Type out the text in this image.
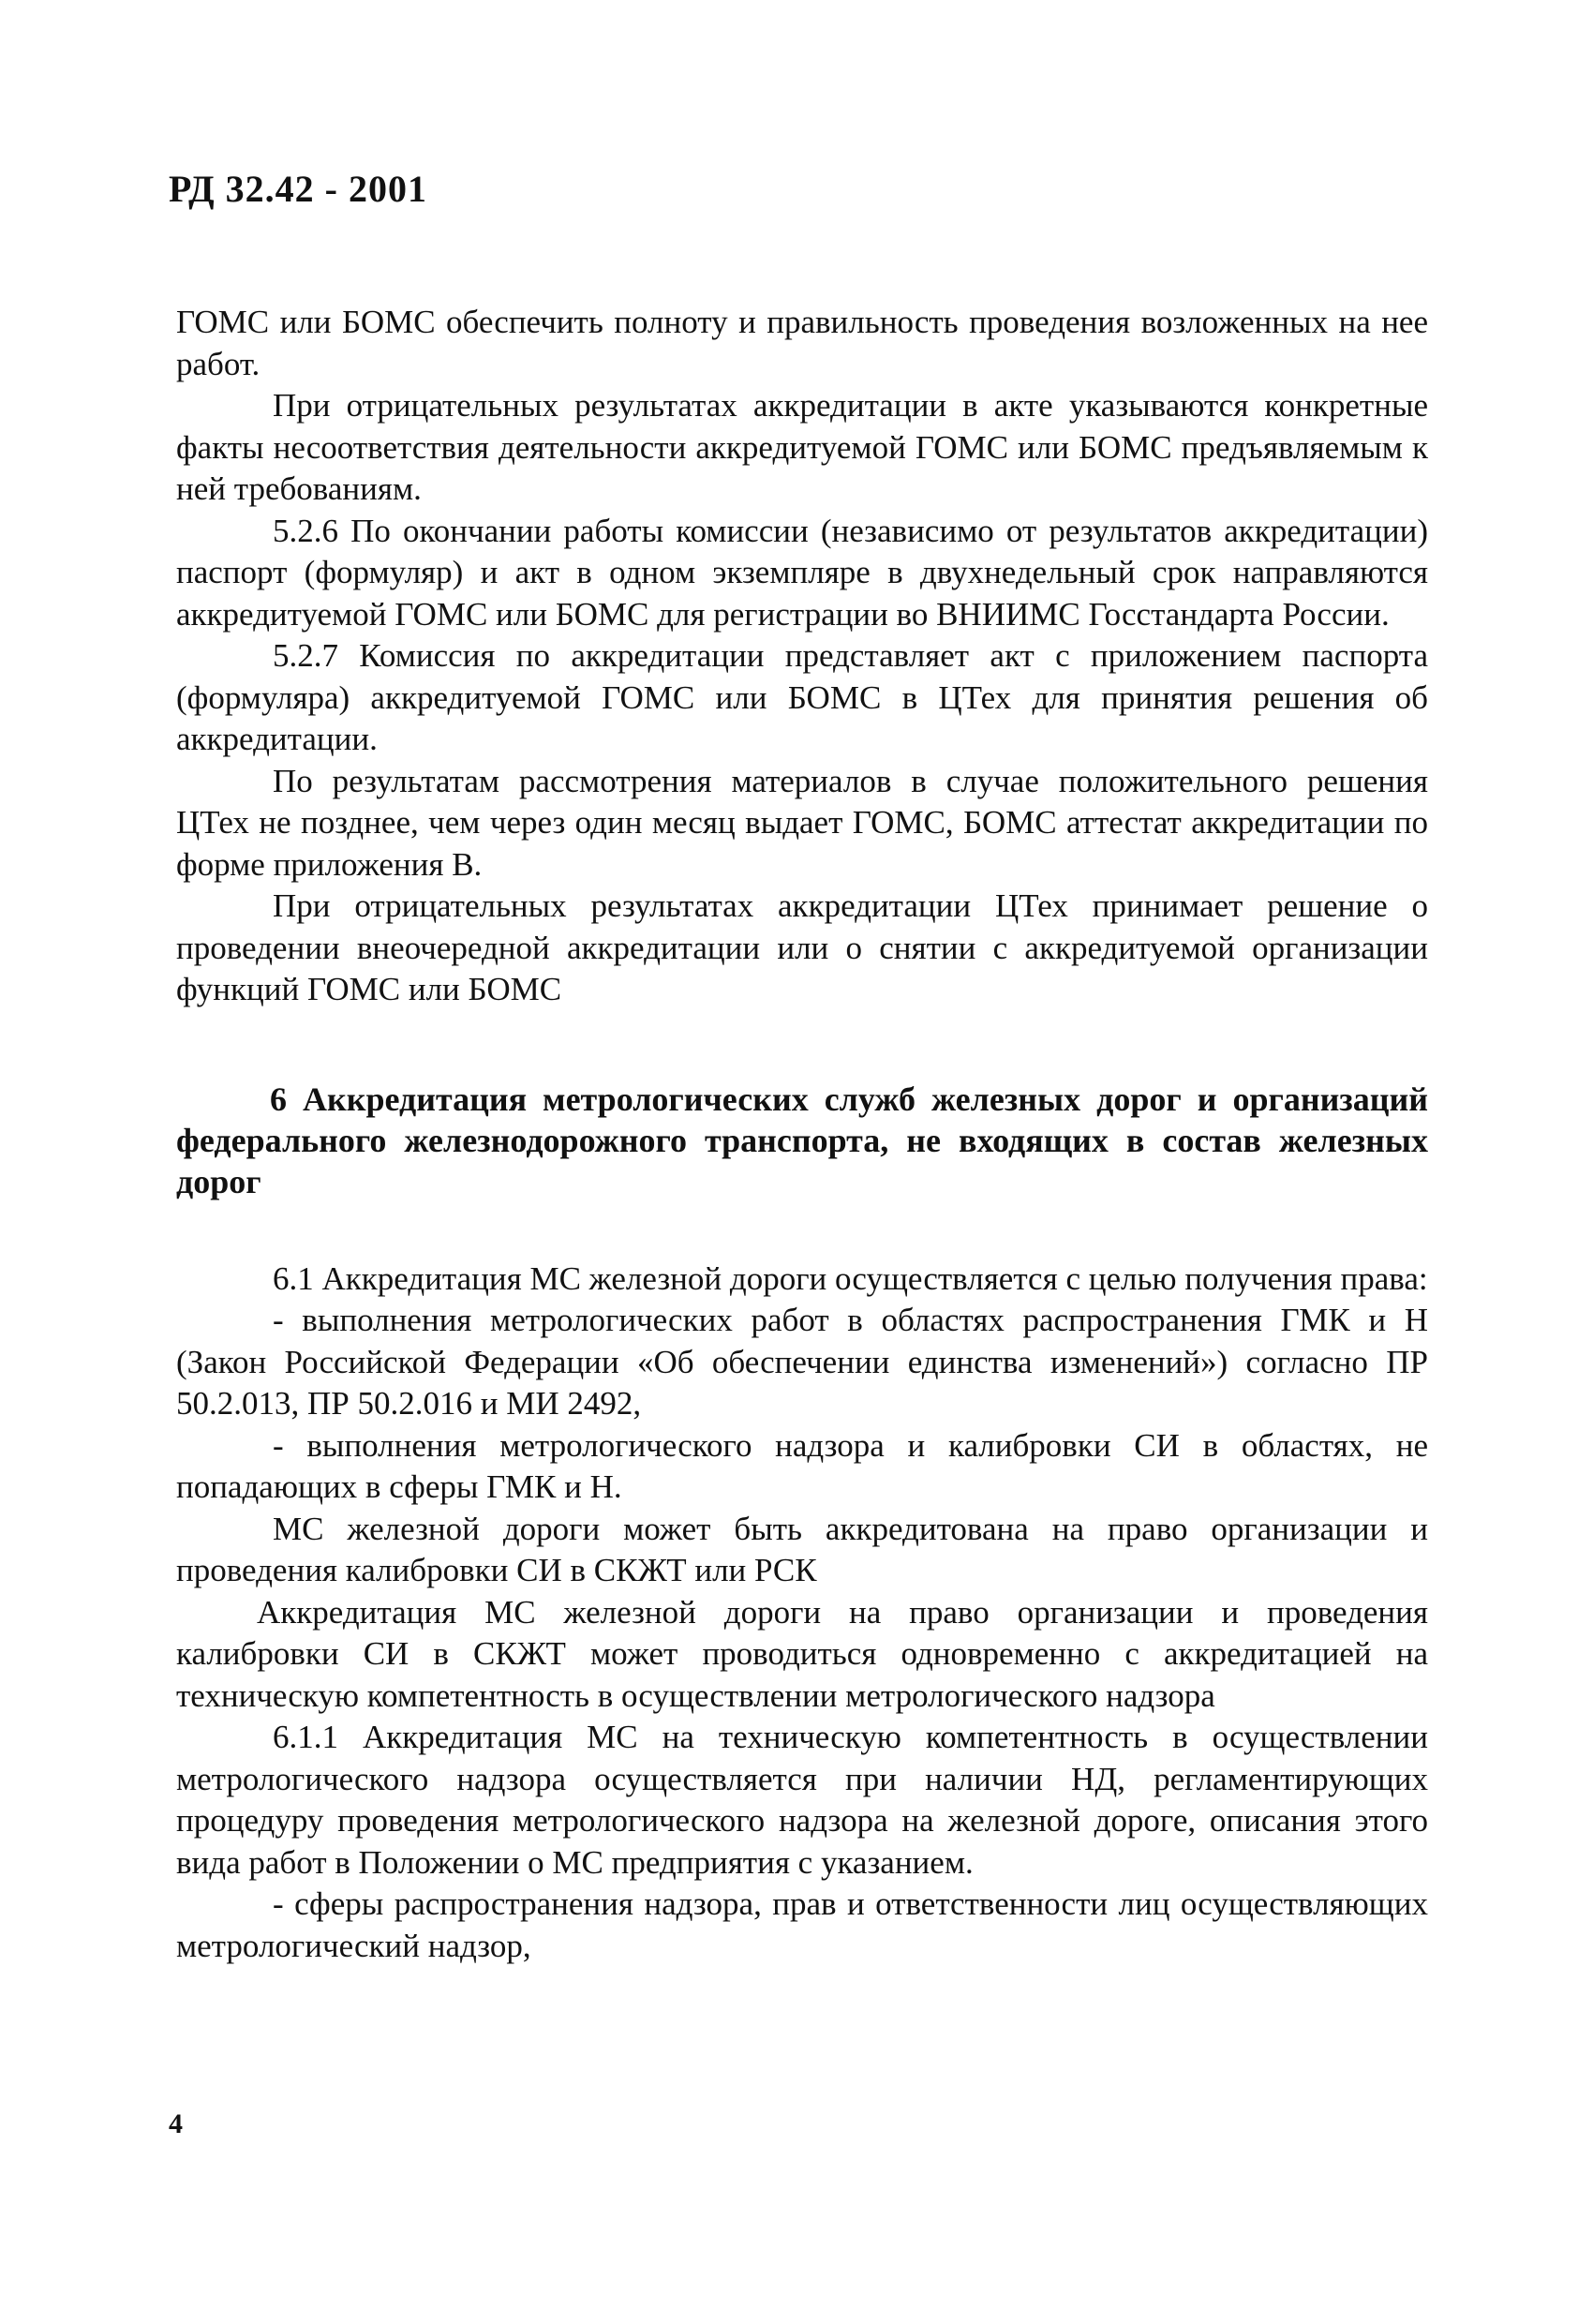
РД 32.42 - 2001

ГОМС или БОМС обеспечить полноту и правильность проведения возложенных на нее работ.

При отрицательных результатах аккредитации в акте указываются конкретные факты несоответствия деятельности аккредитуемой ГОМС или БОМС предъявляемым к ней требованиям.

5.2.6 По окончании работы комиссии (независимо от результатов аккредитации) паспорт (формуляр) и акт в одном экземпляре в двухнедельный срок направляются аккредитуемой ГОМС или БОМС для регистрации во ВНИИМС Госстандарта России.

5.2.7 Комиссия по аккредитации представляет акт с приложением паспорта (формуляра) аккредитуемой ГОМС или БОМС в ЦТех для принятия решения об аккредитации.

По результатам рассмотрения материалов в случае положительного решения ЦТех не позднее, чем через один месяц выдает ГОМС, БОМС аттестат аккредитации по форме приложения В.

При отрицательных результатах аккредитации ЦТех принимает решение о проведении внеочередной аккредитации или о снятии с аккредитуемой организации функций ГОМС или БОМС

6 Аккредитация метрологических служб железных дорог и организаций федерального железнодорожного транспорта, не входящих в состав железных дорог

6.1 Аккредитация МС железной дороги осуществляется с целью получения права:

- выполнения метрологических работ в областях распространения ГМК и Н (Закон Российской Федерации «Об обеспечении единства изменений») согласно ПР 50.2.013, ПР 50.2.016 и МИ 2492,

- выполнения метрологического надзора и калибровки СИ в областях, не попадающих в сферы ГМК и Н.

МС железной дороги может быть аккредитована на право организации и проведения калибровки СИ в СКЖТ или РСК

Аккредитация МС железной дороги на право организации и проведения калибровки СИ в СКЖТ может проводиться одновременно с аккредитацией на техническую компетентность в осуществлении метрологического надзора

6.1.1 Аккредитация МС на техническую компетентность в осуществлении метрологического надзора осуществляется при наличии НД, регламентирующих процедуру проведения метрологического надзора на железной дороге, описания этого вида работ в Положении о МС предприятия с указанием.

- сферы распространения надзора, прав и ответственности лиц осуществляющих метрологический надзор,

4
